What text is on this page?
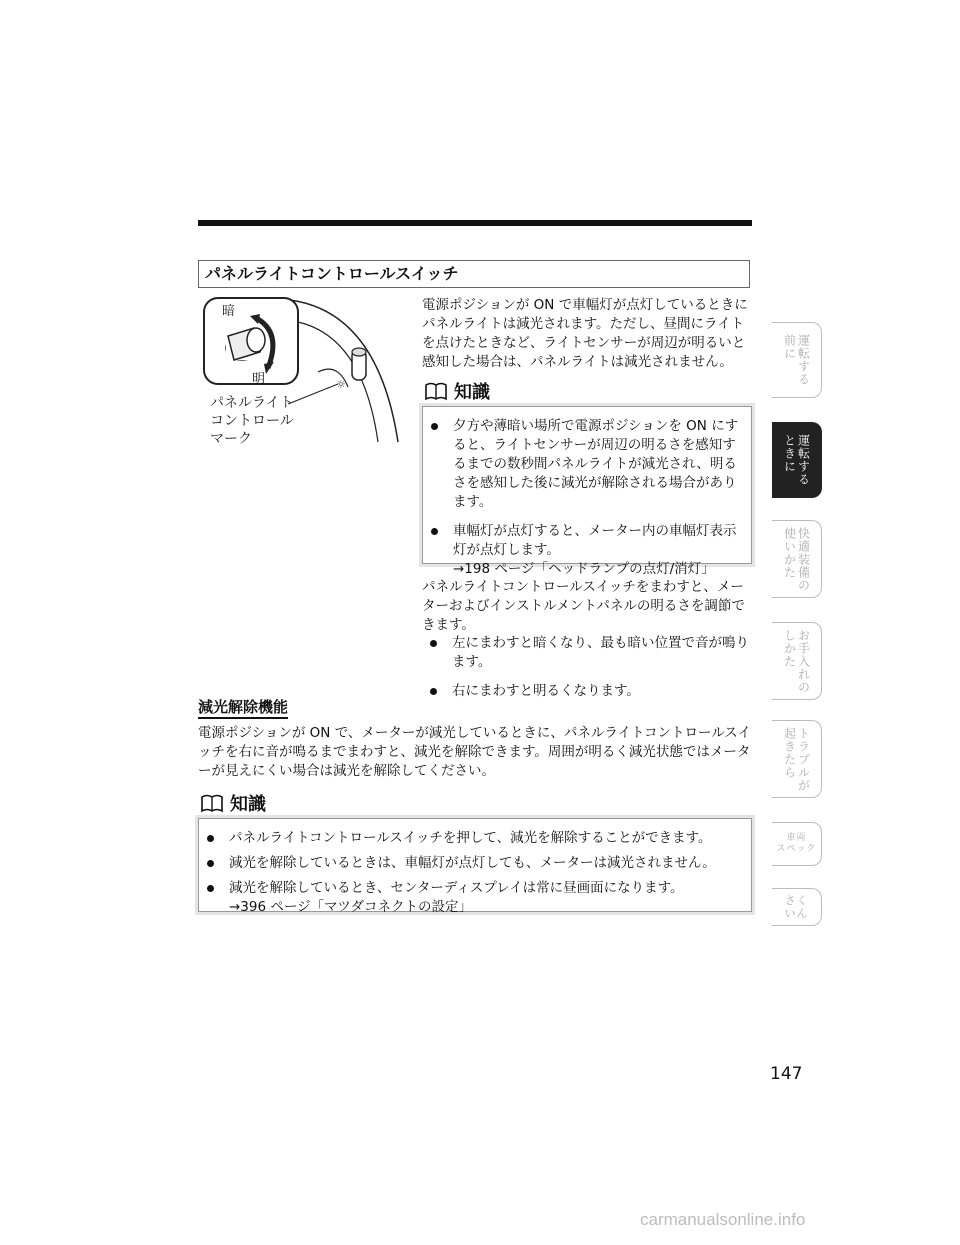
パネルライトコントロールスイッチ
☼
暗
明
パネルライト
コントロール
マーク

電源ポジションが ON で車幅灯が点灯しているときにパネルライトは減光されます。ただし、昼間にライトを点けたときなど、ライトセンサーが周辺が明るいと感知した場合は、パネルライトは減光されません。

知識
夕方や薄暗い場所で電源ポジションを ON にすると、ライトセンサーが周辺の明るさを感知するまでの数秒間パネルライトが減光され、明るさを感知した後に減光が解除される場合があります。
車幅灯が点灯すると、メーター内の車幅灯表示灯が点灯します。
→198 ページ「ヘッドランプの点灯/消灯」

パネルライトコントロールスイッチをまわすと、メーターおよびインストルメントパネルの明るさを調節できます。

左にまわすと暗くなり、最も暗い位置で音が鳴ります。
右にまわすと明るくなります。
減光解除機能

電源ポジションが ON で、メーターが減光しているときに、パネルライトコントロールスイッチを右に音が鳴るまでまわすと、減光を解除できます。周囲が明るく減光状態ではメーターが見えにくい場合は減光を解除してください。

知識
パネルライトコントロールスイッチを押して、減光を解除することができます。
減光を解除しているときは、車幅灯が点灯しても、メーターは減光されません。
減光を解除しているとき、センターディスプレイは常に昼画面になります。
→396 ページ「マツダコネクトの設定」
運転する
前に
運転する
ときに
快適装備の
使いかた
お手入れの
しかた
トラブルが
起きたら
車両
スペック
さく
いん
147
carmanualsonline.info
